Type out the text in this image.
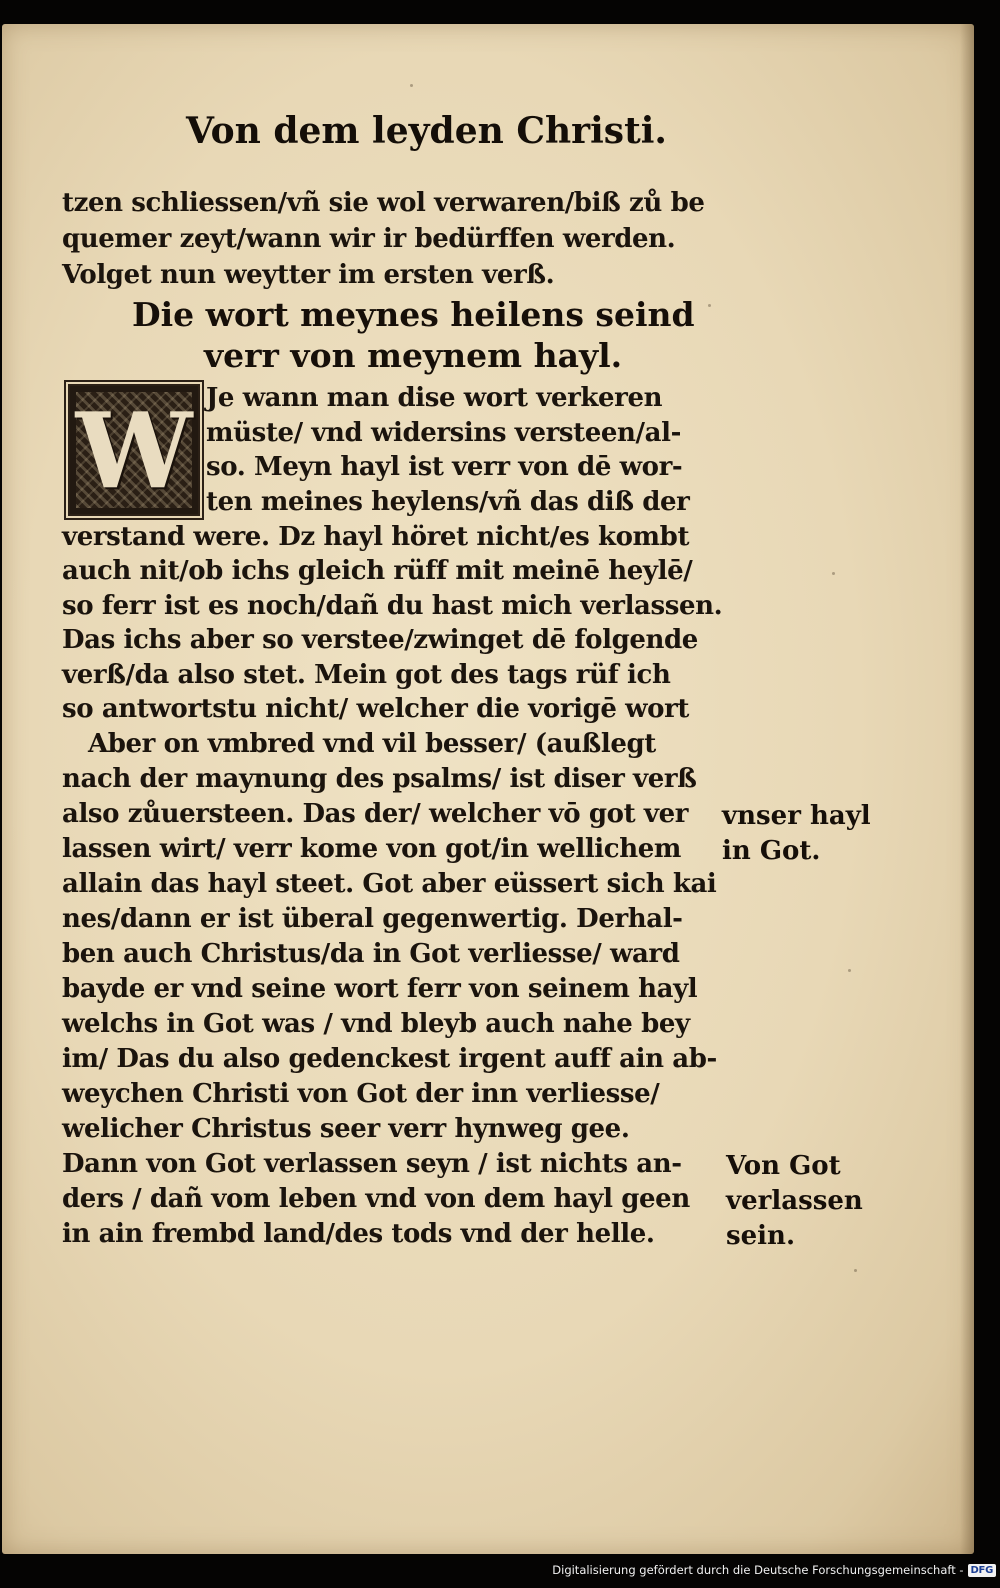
Von dem leyden Christi.
tzen schliessen/vñ sie wol verwaren/biß zů be
quemer zeyt/wann wir ir bedürffen werden.
Volget nun weytter im ersten verß.
Die wort meynes heilens seind
verr von meynem hayl.
W Je wann man dise wort verkeren
müste/ vnd widersins versteen/al-
so. Meyn hayl ist verr von dē wor-
ten meines heylens/vñ das diß der
verstand were. Dz hayl höret nicht/es kombt
auch nit/ob ichs gleich rüff mit meinē heylē/
so ferr ist es noch/dañ du hast mich verlassen.
Das ichs aber so verstee/zwinget dē folgende
verß/da also stet. Mein got des tags rüf ich
so antwortstu nicht/ welcher die vorigē wort
Aber on vmbred vnd vil besser/ (außlegt
nach der maynung des psalms/ ist diser verß
also zůuersteen. Das der/ welcher vō got ver
lassen wirt/ verr kome von got/in wellichem
allain das hayl steet. Got aber eüssert sich kai
nes/dann er ist überal gegenwertig. Derhal-
ben auch Christus/da in Got verliesse/ ward
bayde er vnd seine wort ferr von seinem hayl
welchs in Got was / vnd bleyb auch nahe bey
im/ Das du also gedenckest irgent auff ain ab-
weychen Christi von Got der inn verliesse/
welicher Christus seer verr hynweg gee.
Dann von Got verlassen seyn / ist nichts an-
ders / dañ vom leben vnd von dem hayl geen
in ain frembd land/des tods vnd der helle.
vnser hayl
in Got.
Von Got
verlassen
sein.
Digitalisierung gefördert durch die Deutsche Forschungsgemeinschaft - DFG
